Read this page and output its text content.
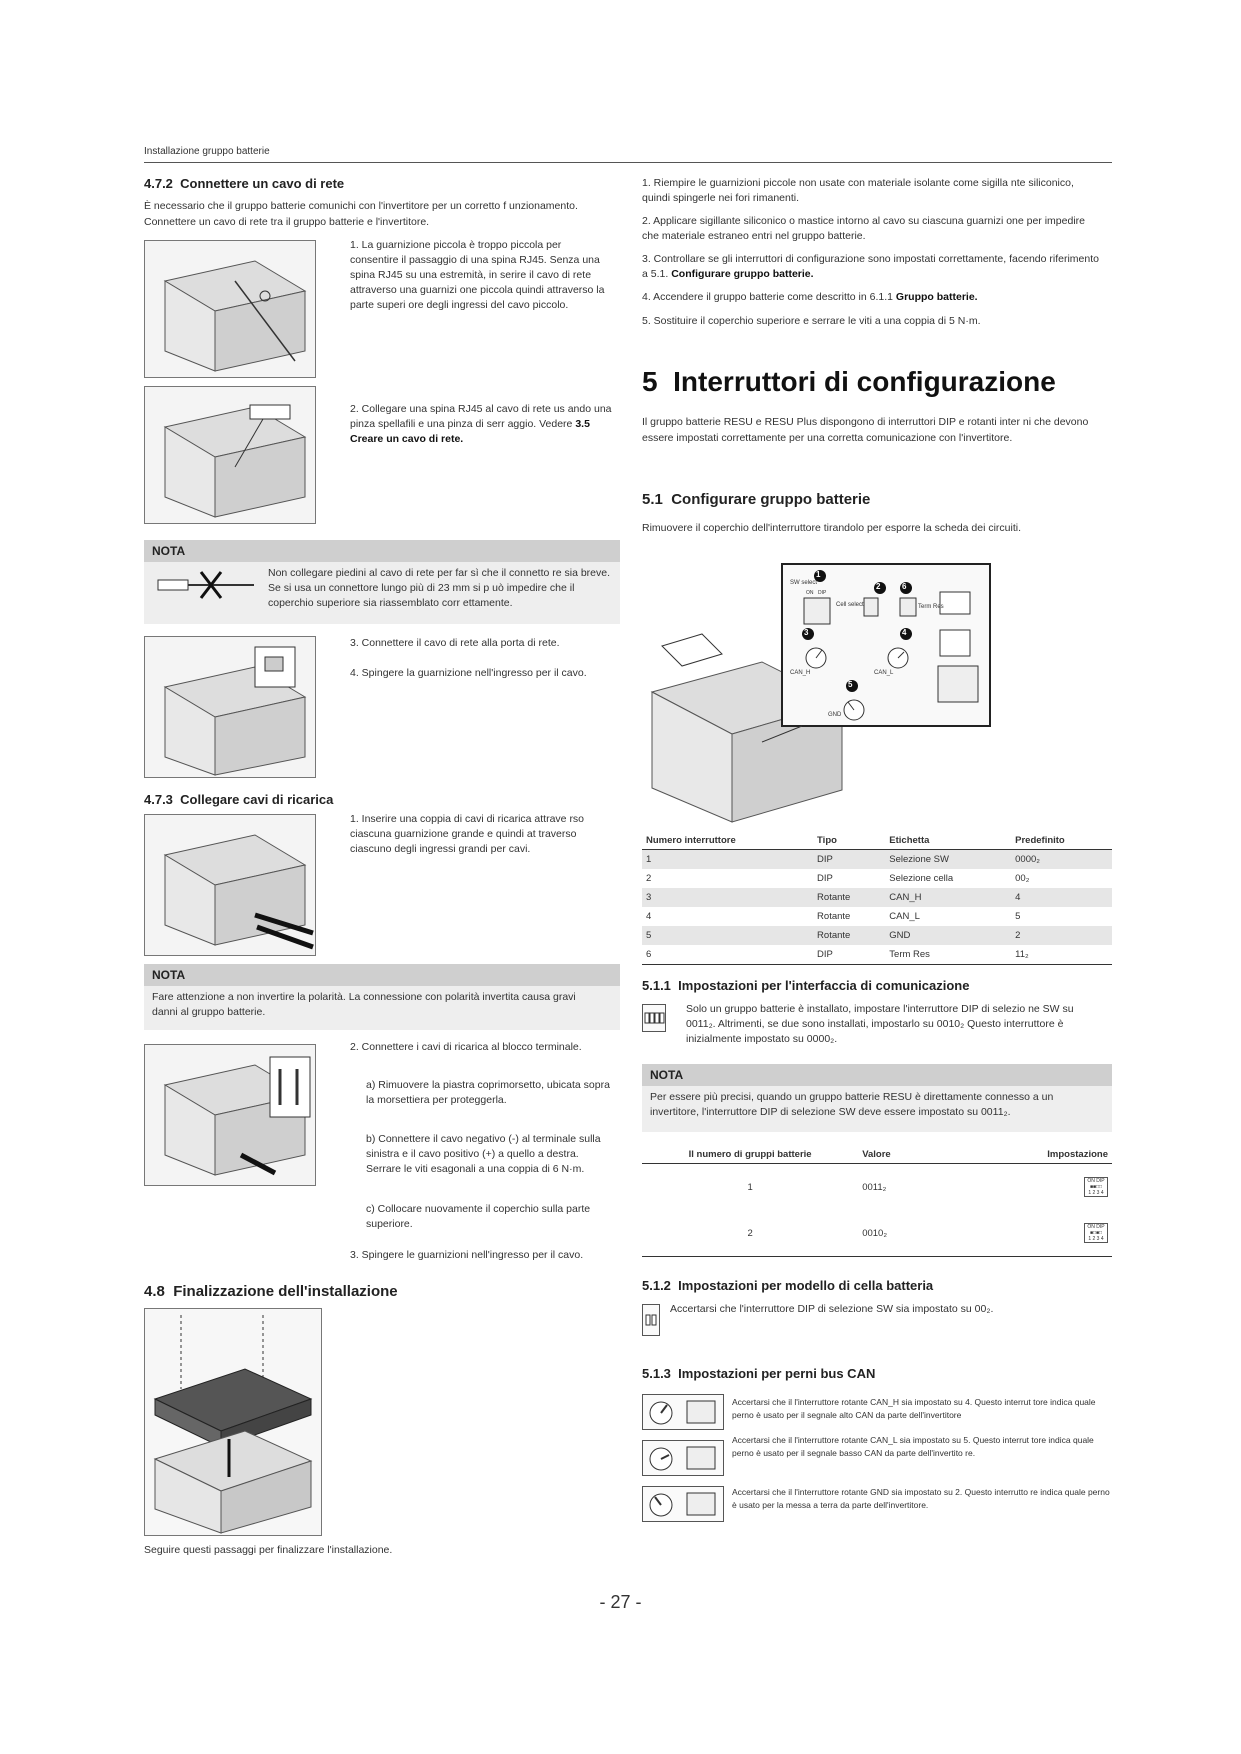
Installazione gruppo batterie
4.7.2 Connettere un cavo di rete
È necessario che il gruppo batterie comunichi con l'invertitore per un corretto f unzionamento. Connettere un cavo di rete tra il gruppo batterie e l'invertitore.
1. La guarnizione piccola è troppo piccola per consentire il passaggio di una spina RJ45. Senza una spina RJ45 su una estremità, in serire il cavo di rete attraverso una guarnizi one piccola quindi attraverso la parte superi ore degli ingressi del cavo piccolo.
2. Collegare una spina RJ45 al cavo di rete us ando una pinza spellafili e una pinza di serr aggio. Vedere 3.5 Creare un cavo di rete.
NOTA
Non collegare piedini al cavo di rete per far sì che il connetto re sia breve. Se si usa un connettore lungo più di 23 mm si p uò impedire che il coperchio superiore sia riassemblato corr ettamente.
3. Connettere il cavo di rete alla porta di rete.
4. Spingere la guarnizione nell'ingresso per il cavo.
4.7.3 Collegare cavi di ricarica
1. Inserire una coppia di cavi di ricarica attrave rso ciascuna guarnizione grande e quindi at traverso ciascuno degli ingressi grandi per cavi.
NOTA
Fare attenzione a non invertire la polarità. La connessione con polarità invertita causa gravi danni al gruppo batterie.
2. Connettere i cavi di ricarica al blocco terminale.
a) Rimuovere la piastra coprimorsetto, ubicata sopra la morsettiera per proteggerla.
b) Connettere il cavo negativo (-) al terminale sulla sinistra e il cavo positivo (+) a quello a destra. Serrare le viti esagonali a una coppia di 6 N·m.
c) Collocare nuovamente il coperchio sulla parte superiore.
3. Spingere le guarnizioni nell'ingresso per il cavo.
4.8 Finalizzazione dell'installazione
Seguire questi passaggi per finalizzare l'installazione.
1. Riempire le guarnizioni piccole non usate con materiale isolante come sigilla nte siliconico, quindi spingerle nei fori rimanenti.
2. Applicare sigillante siliconico o mastice intorno al cavo su ciascuna guarnizi one per impedire che materiale estraneo entri nel gruppo batterie.
3. Controllare se gli interruttori di configurazione sono impostati correttamente, facendo riferimento a 5.1. Configurare gruppo batterie.
4. Accendere il gruppo batterie come descritto in 6.1.1 Gruppo batterie.
5. Sostituire il coperchio superiore e serrare le viti a una coppia di 5 N·m.
5 Interruttori di configurazione
Il gruppo batterie RESU e RESU Plus dispongono di interruttori DIP e rotanti inter ni che devono essere impostati correttamente per una corretta comunicazione con l'invertitore.
5.1 Configurare gruppo batterie
Rimuovere il coperchio dell'interruttore tirandolo per esporre la scheda dei circuiti.
1
2
3	4
5
6
SW select
Cell select	Term Res
CAN_H	CAN_L
GND
ON DIP
Numero interruttore	Tipo	Etichetta	Predefinito
1	DIP	Selezione SW	0000₂
2	DIP	Selezione cella	00₂
3	Rotante	CAN_H	4
4	Rotante	CAN_L	5
5	Rotante	GND	2
6	DIP	Term Res	11₂
5.1.1 Impostazioni per l'interfaccia di comunicazione
Solo un gruppo batterie è installato, impostare l'interruttore DIP di selezio ne SW su 0011₂. Altrimenti, se due sono installati, impostarlo su 0010₂ Questo interruttore è inizialmente impostato su 0000₂.
NOTA
Per essere più precisi, quando un gruppo batterie RESU è direttamente connesso a un invertitore, l'interruttore DIP di selezione SW deve essere impostato su 0011₂.
Il numero di gruppi batterie	Valore	Impostazione
1	0011₂	ON DIP
■■□□
1 2 3 4
2	0010₂	ON DIP
■□■□
1 2 3 4
5.1.2 Impostazioni per modello di cella batteria
Accertarsi che l'interruttore DIP di selezione SW sia impostato su 00₂.
5.1.3 Impostazioni per perni bus CAN
Accertarsi che il l'interruttore rotante CAN_H sia impostato su 4. Questo interrut tore indica quale perno è usato per il segnale alto CAN da parte dell'invertitore
Accertarsi che il l'interruttore rotante CAN_L sia impostato su 5. Questo interrut tore indica quale perno è usato per il segnale basso CAN da parte dell'invertito re.
Accertarsi che il l'interruttore rotante GND sia impostato su 2. Questo interrutto re indica quale perno è usato per la messa a terra da parte dell'invertitore.
- 27 -
